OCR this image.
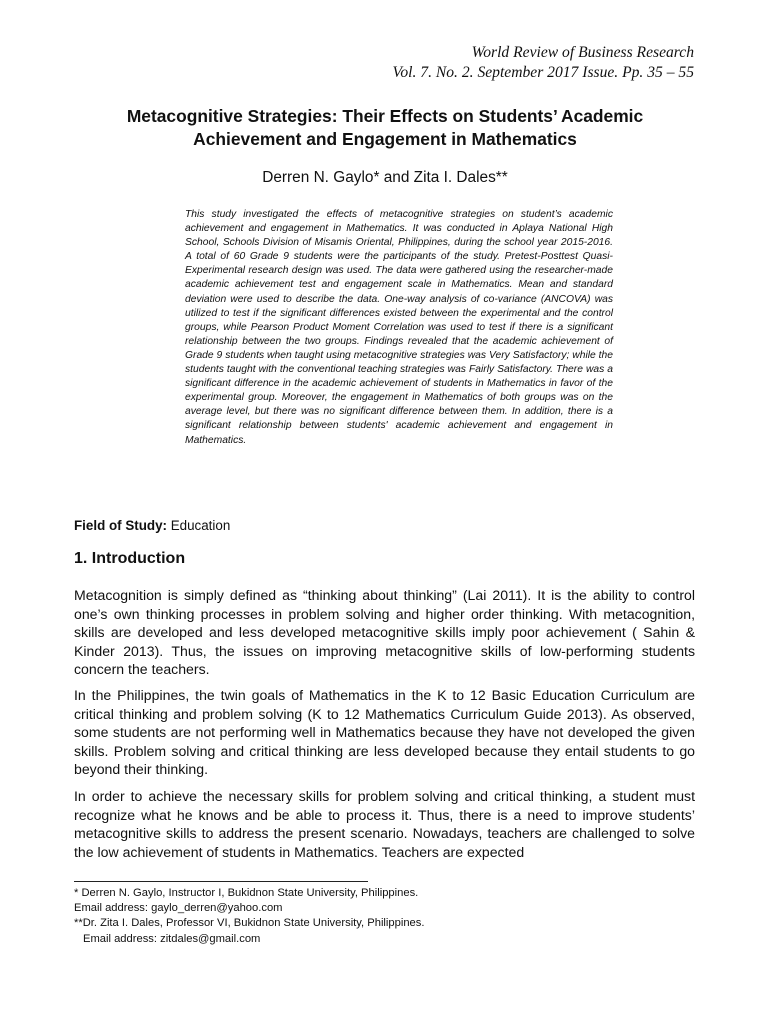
World Review of Business Research
Vol. 7. No. 2. September 2017 Issue. Pp. 35 – 55
Metacognitive Strategies: Their Effects on Students’ Academic
Achievement and Engagement in Mathematics
Derren N. Gaylo* and Zita I. Dales**
This study investigated the effects of metacognitive strategies on student’s academic achievement and engagement in Mathematics. It was conducted in Aplaya National High School, Schools Division of Misamis Oriental, Philippines, during the school year 2015-2016. A total of 60 Grade 9 students were the participants of the study. Pretest-Posttest Quasi-Experimental research design was used. The data were gathered using the researcher-made academic achievement test and engagement scale in Mathematics. Mean and standard deviation were used to describe the data. One-way analysis of co-variance (ANCOVA) was utilized to test if the significant differences existed between the experimental and the control groups, while Pearson Product Moment Correlation was used to test if there is a significant relationship between the two groups. Findings revealed that the academic achievement of Grade 9 students when taught using metacognitive strategies was Very Satisfactory; while the students taught with the conventional teaching strategies was Fairly Satisfactory. There was a significant difference in the academic achievement of students in Mathematics in favor of the experimental group. Moreover, the engagement in Mathematics of both groups was on the average level, but there was no significant difference between them. In addition, there is a significant relationship between students' academic achievement and engagement in Mathematics.
Field of Study: Education
1. Introduction
Metacognition is simply defined as “thinking about thinking” (Lai 2011). It is the ability to control one’s own thinking processes in problem solving and higher order thinking. With metacognition, skills are developed and less developed metacognitive skills imply poor achievement ( Sahin & Kinder 2013). Thus, the issues on improving metacognitive skills of low-performing students concern the teachers.
In the Philippines, the twin goals of Mathematics in the K to 12 Basic Education Curriculum are critical thinking and problem solving (K to 12 Mathematics Curriculum Guide 2013). As observed, some students are not performing well in Mathematics because they have not developed the given skills. Problem solving and critical thinking are less developed because they entail students to go beyond their thinking.
In order to achieve the necessary skills for problem solving and critical thinking, a student must recognize what he knows and be able to process it. Thus, there is a need to improve students’ metacognitive skills to address the present scenario. Nowadays, teachers are challenged to solve the low achievement of students in Mathematics. Teachers are expected
* Derren N. Gaylo, Instructor I, Bukidnon State University, Philippines.
Email address: gaylo_derren@yahoo.com
**Dr. Zita I. Dales, Professor VI, Bukidnon State University, Philippines.
Email address: zitdales@gmail.com
